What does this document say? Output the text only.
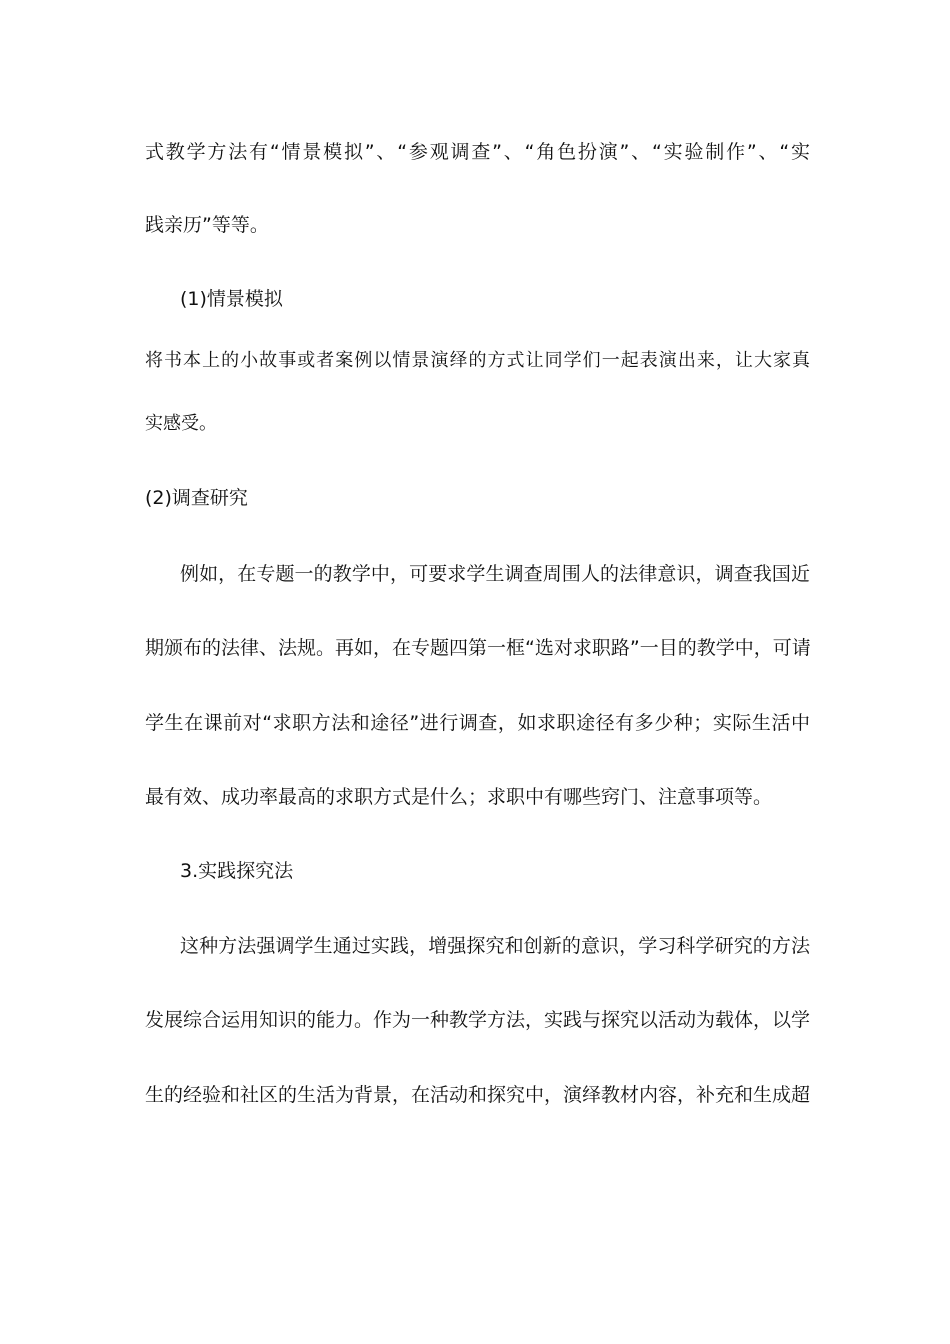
式教学方法有“情景模拟”、“参观调查”、“角色扮演”、“实验制作”、“实

践亲历”等等。

(1)情景模拟

将书本上的小故事或者案例以情景演绎的方式让同学们一起表演出来，让大家真

实感受。

(2)调查研究

例如，在专题一的教学中，可要求学生调查周围人的法律意识，调查我国近

期颁布的法律、法规。再如，在专题四第一框“选对求职路”一目的教学中，可请

学生在课前对“求职方法和途径”进行调查，如求职途径有多少种；实际生活中

最有效、成功率最高的求职方式是什么；求职中有哪些窍门、注意事项等。

3.实践探究法

这种方法强调学生通过实践，增强探究和创新的意识，学习科学研究的方法

发展综合运用知识的能力。作为一种教学方法，实践与探究以活动为载体，以学

生的经验和社区的生活为背景，在活动和探究中，演绎教材内容，补充和生成超
